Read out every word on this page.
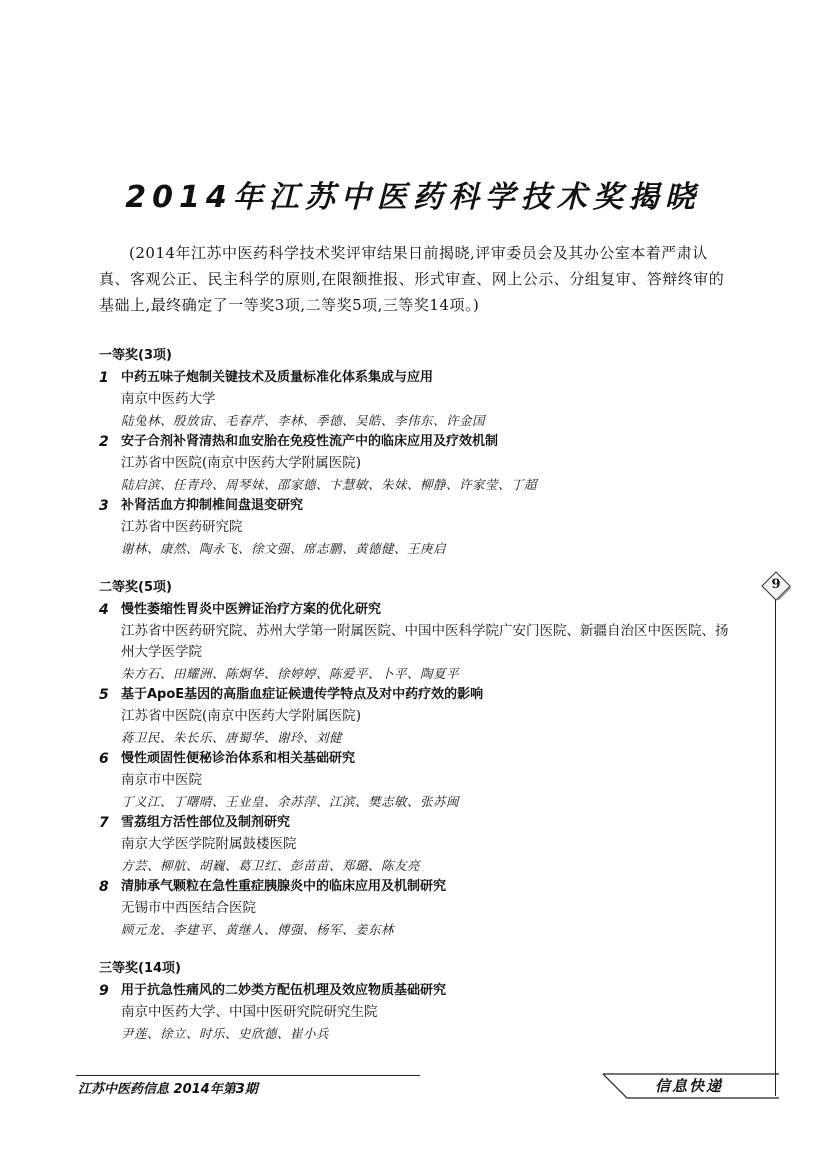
2014年江苏中医药科学技术奖揭晓
(2014年江苏中医药科学技术奖评审结果日前揭晓,评审委员会及其办公室本着严肃认真、客观公正、民主科学的原则,在限额推报、形式审查、网上公示、分组复审、答辩终审的基础上,最终确定了一等奖3项,二等奖5项,三等奖14项。)
一等奖(3项)
1 中药五味子炮制关键技术及质量标准化体系集成与应用
南京中医药大学
陆兔林、殷放宙、毛春芹、李林、季德、吴皓、李伟东、许金国
2 安子合剂补肾清热和血安胎在免疫性流产中的临床应用及疗效机制
江苏省中医院(南京中医药大学附属医院)
陆启滨、任青玲、周琴妹、邵家德、卞慧敏、朱妹、柳静、许家莹、丁超
3 补肾活血方抑制椎间盘退变研究
江苏省中医药研究院
谢林、康然、陶永飞、徐文强、席志鹏、黄德健、王庚启
二等奖(5项)
4 慢性萎缩性胃炎中医辨证治疗方案的优化研究
江苏省中医药研究院、苏州大学第一附属医院、中国中医科学院广安门医院、新疆自治区中医医院、扬州大学医学院
朱方石、田耀洲、陈炯华、徐婷婷、陈爱平、卜平、陶夏平
5 基于ApoE基因的高脂血症证候遗传学特点及对中药疗效的影响
江苏省中医院(南京中医药大学附属医院)
蒋卫民、朱长乐、唐蜀华、谢玲、刘健
6 慢性顽固性便秘诊治体系和相关基础研究
南京市中医院
丁义江、丁曙晴、王业皇、余苏萍、江滨、樊志敏、张苏闽
7 雪荔组方活性部位及制剂研究
南京大学医学院附属鼓楼医院
方芸、柳航、胡巍、葛卫红、彭苗苗、郑璐、陈友亮
8 清肺承气颗粒在急性重症胰腺炎中的临床应用及机制研究
无锡市中西医结合医院
顾元龙、李建平、黄继人、傅强、杨军、姜东林
三等奖(14项)
9 用于抗急性痛风的二妙类方配伍机理及效应物质基础研究
南京中医药大学、中国中医研究院研究生院
尹莲、徐立、时乐、史欣德、崔小兵
9
江苏中医药信息 2014年第3期	信息快递
